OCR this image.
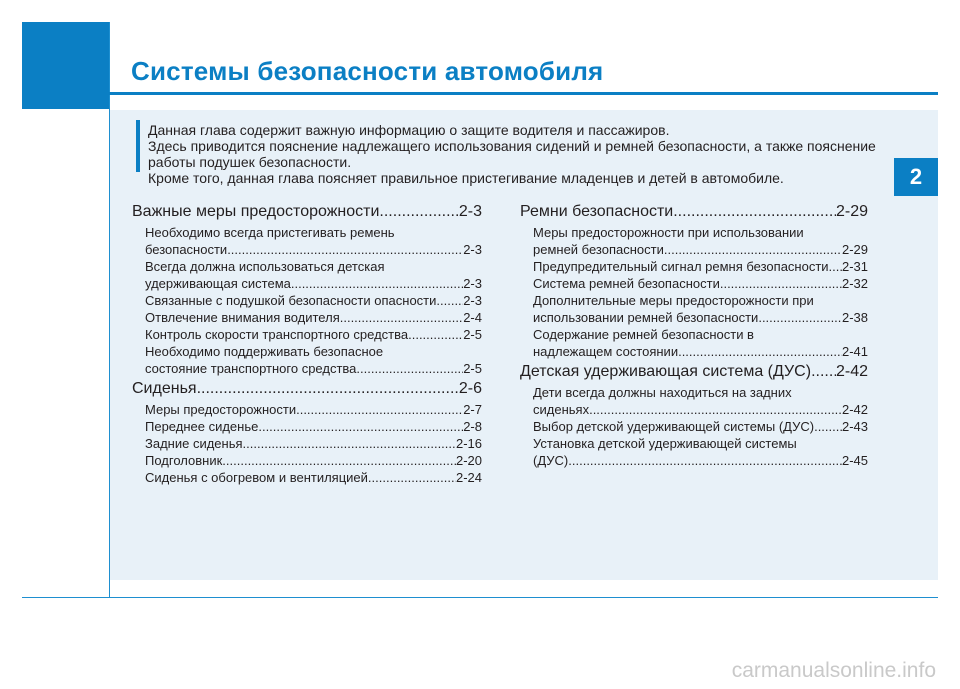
Системы безопасности автомобиля
2

Данная глава содержит важную информацию о защите водителя и пассажиров.

Здесь приводится пояснение надлежащего использования сидений и ремней безопасности, а также пояснение работы подушек безопасности.

Кроме того, данная глава поясняет правильное пристегивание младенцев и детей в автомобиле.

Важные меры предосторожности .....	2-3
Необходимо всегда пристегивать ремень
безопасности .....	2-3
Всегда должна использоваться детская
удерживающая система .....	2-3
Связанные с подушкой безопасности опасности ..... 2-3
Отвлечение внимания водителя .....	2-4
Контроль скорости транспортного средства .....	2-5
Необходимо поддерживать безопасное
состояние транспортного средства .....	2-5
Сиденья .....	2-6
Меры предосторожности .....	2-7
Переднее сиденье .....	2-8
Задние сиденья .....	2-16
Подголовник .....	2-20
Сиденья с обогревом и вентиляцией .....	2-24
Ремни безопасности .....	2-29
Меры предосторожности при использовании
ремней безопасности .....	2-29
Предупредительный сигнал ремня безопасности ..... 2-31
Система ремней безопасности .....	2-32
Дополнительные меры предосторожности при
использовании ремней безопасности .....	2-38
Содержание ремней безопасности в
надлежащем состоянии .....	2-41
Детская удерживающая система (ДУС) ..... 2-42
Дети всегда должны находиться на задних
сиденьях .....	2-42
Выбор детской удерживающей системы (ДУС) ..... 2-43
Установка детской удерживающей системы
(ДУС) .....	2-45
carmanualsonline.info
